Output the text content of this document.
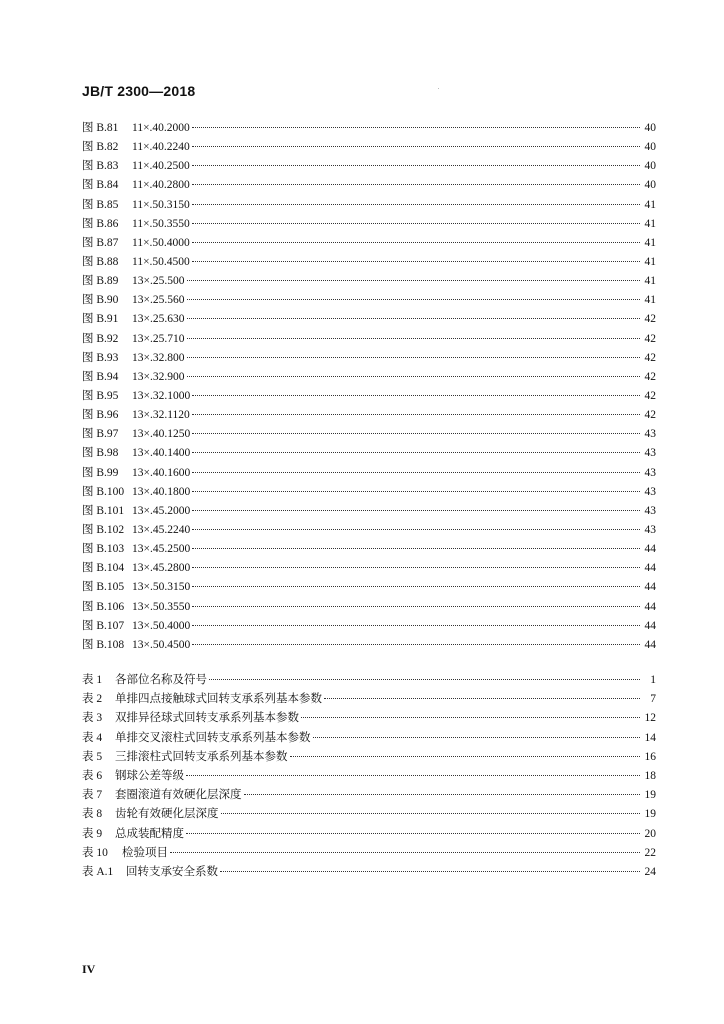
JB/T 2300—2018
图 B.81	11×.40.2000	40
图 B.82	11×.40.2240	40
图 B.83	11×.40.2500	40
图 B.84	11×.40.2800	40
图 B.85	11×.50.3150	41
图 B.86	11×.50.3550	41
图 B.87	11×.50.4000	41
图 B.88	11×.50.4500	41
图 B.89	13×.25.500	41
图 B.90	13×.25.560	41
图 B.91	13×.25.630	42
图 B.92	13×.25.710	42
图 B.93	13×.32.800	42
图 B.94	13×.32.900	42
图 B.95	13×.32.1000	42
图 B.96	13×.32.1120	42
图 B.97	13×.40.1250	43
图 B.98	13×.40.1400	43
图 B.99	13×.40.1600	43
图 B.100 13×.40.1800	43
图 B.101 13×.45.2000	43
图 B.102 13×.45.2240	43
图 B.103 13×.45.2500	44
图 B.104 13×.45.2800	44
图 B.105 13×.50.3150	44
图 B.106 13×.50.3550	44
图 B.107 13×.50.4000	44
图 B.108 13×.50.4500	44
表 1	各部位名称及符号	1
表 2	单排四点接触球式回转支承系列基本参数	7
表 3	双排异径球式回转支承系列基本参数	12
表 4	单排交叉滚柱式回转支承系列基本参数	14
表 5	三排滚柱式回转支承系列基本参数	16
表 6	钢球公差等级	18
表 7	套圈滚道有效硬化层深度	19
表 8	齿轮有效硬化层深度	19
表 9	总成装配精度	20
表 10	检验项目	22
表 A.1	回转支承安全系数	24
IV
